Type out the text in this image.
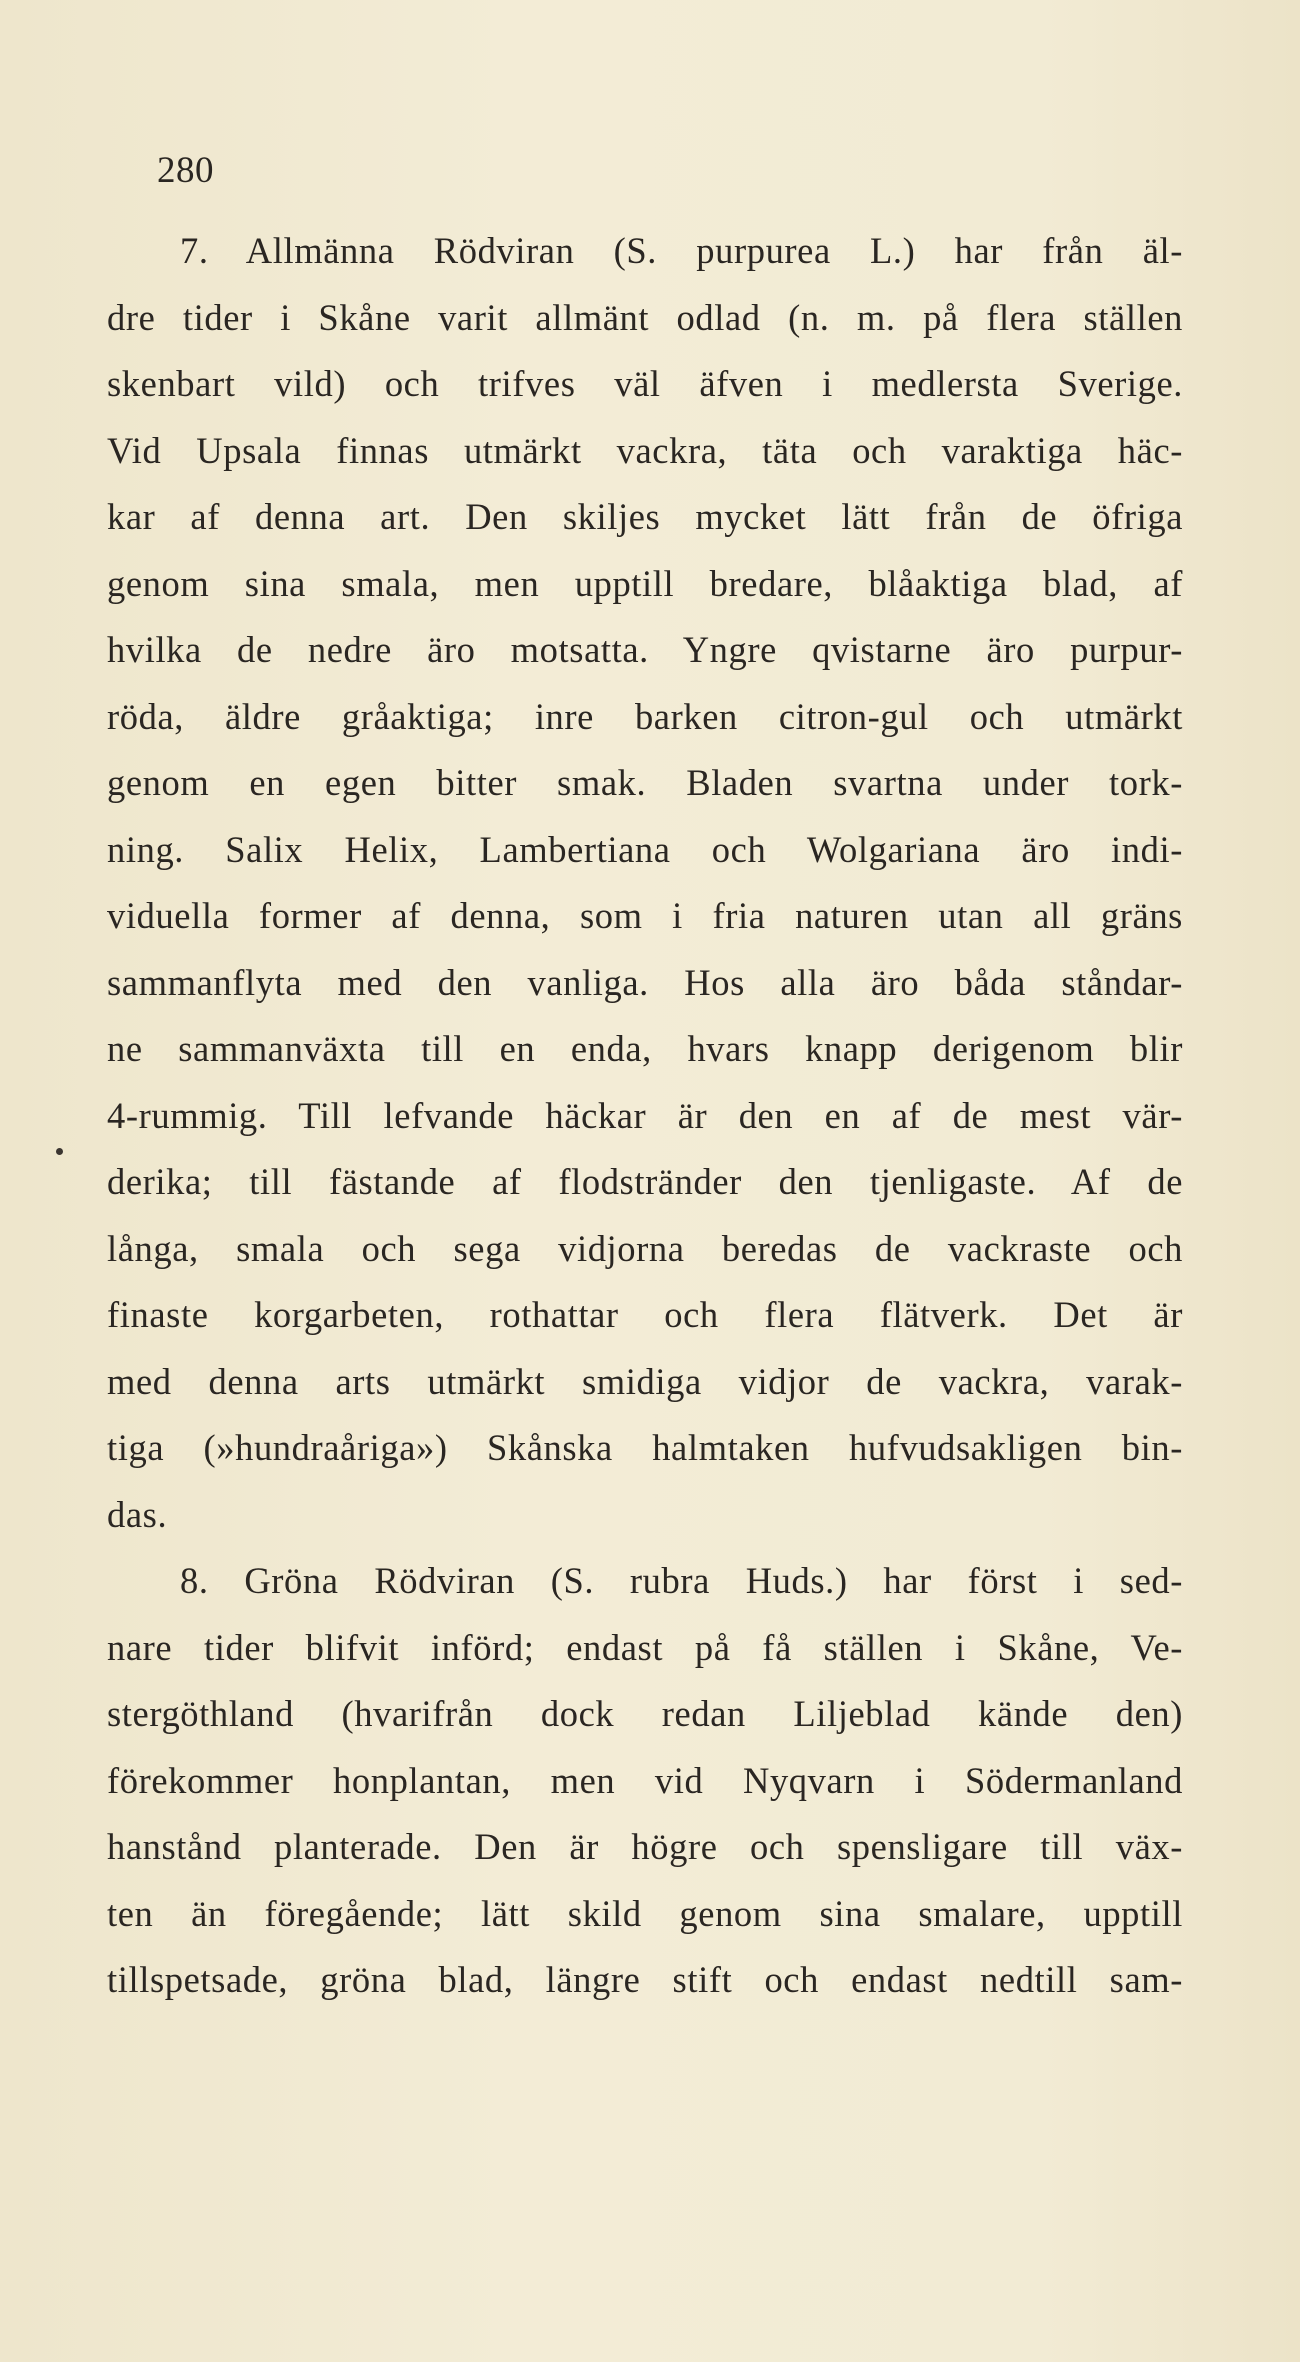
280
7. Allmänna Rödviran (S. purpurea L.) har från äl-
dre tider i Skåne varit allmänt odlad (n. m. på flera ställen
skenbart vild) och trifves väl äfven i medlersta Sverige.
Vid Upsala finnas utmärkt vackra, täta och varaktiga häc-
kar af denna art. Den skiljes mycket lätt från de öfriga
genom sina smala, men upptill bredare, blåaktiga blad, af
hvilka de nedre äro motsatta. Yngre qvistarne äro purpur-
röda, äldre gråaktiga; inre barken citron-gul och utmärkt
genom en egen bitter smak. Bladen svartna under tork-
ning. Salix Helix, Lambertiana och Wolgariana äro indi-
viduella former af denna, som i fria naturen utan all gräns
sammanflyta med den vanliga. Hos alla äro båda ståndar-
ne sammanväxta till en enda, hvars knapp derigenom blir
4-rummig. Till lefvande häckar är den en af de mest vär-
derika; till fästande af flodstränder den tjenligaste. Af de
långa, smala och sega vidjorna beredas de vackraste och
finaste korgarbeten, rothattar och flera flätverk. Det är
med denna arts utmärkt smidiga vidjor de vackra, varak-
tiga (»hundraåriga») Skånska halmtaken hufvudsakligen bin-
das.
8. Gröna Rödviran (S. rubra Huds.) har först i sed-
nare tider blifvit införd; endast på få ställen i Skåne, Ve-
stergöthland (hvarifrån dock redan Liljeblad kände den)
förekommer honplantan, men vid Nyqvarn i Södermanland
hanstånd planterade. Den är högre och spensligare till väx-
ten än föregående; lätt skild genom sina smalare, upptill
tillspetsade, gröna blad, längre stift och endast nedtill sam-
